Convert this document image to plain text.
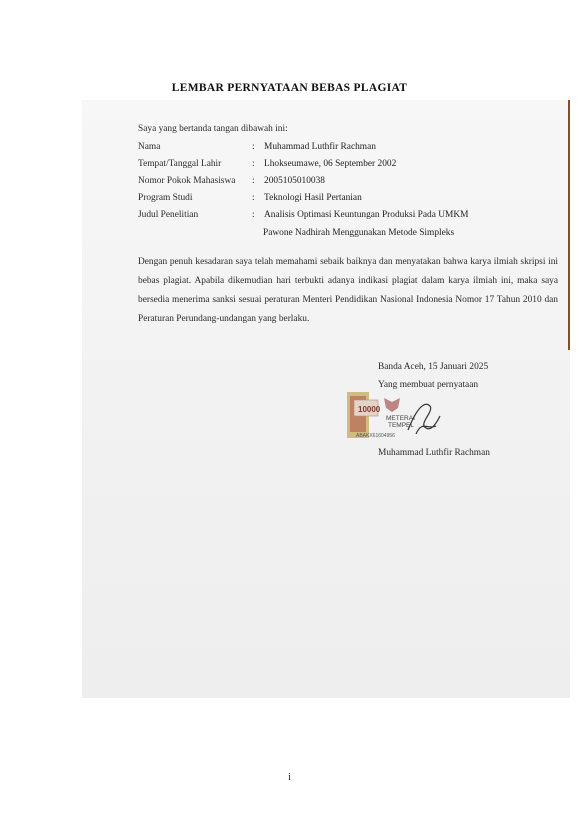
LEMBAR PERNYATAAN BEBAS PLAGIAT
Saya yang bertanda tangan dibawah ini:
Nama	: Muhammad Luthfir Rachman
Tempat/Tanggal Lahir	: Lhokseumawe, 06 September 2002
Nomor Pokok Mahasiswa : 2005105010038
Program Studi	: Teknologi Hasil Pertanian
Judul Penelitian	: Analisis Optimasi Keuntungan Produksi Pada UMKM
Pawone Nadhirah Menggunakan Metode Simpleks
Dengan penuh kesadaran saya telah memahami sebaik baiknya dan menyatakan bahwa karya ilmiah skripsi ini bebas plagiat. Apabila dikemudian hari terbukti adanya indikasi plagiat dalam karya ilmiah ini, maka saya bersedia menerima sanksi sesuai peraturan Menteri Pendidikan Nasional Indonesia Nomor 17 Tahun 2010 dan Peraturan Perundang-undangan yang berlaku.
Banda Aceh, 15 Januari 2025
Yang membuat pernyataan
10000
METERAI
TEMPEL
ABAKX61604956
Muhammad Luthfir Rachman
i
